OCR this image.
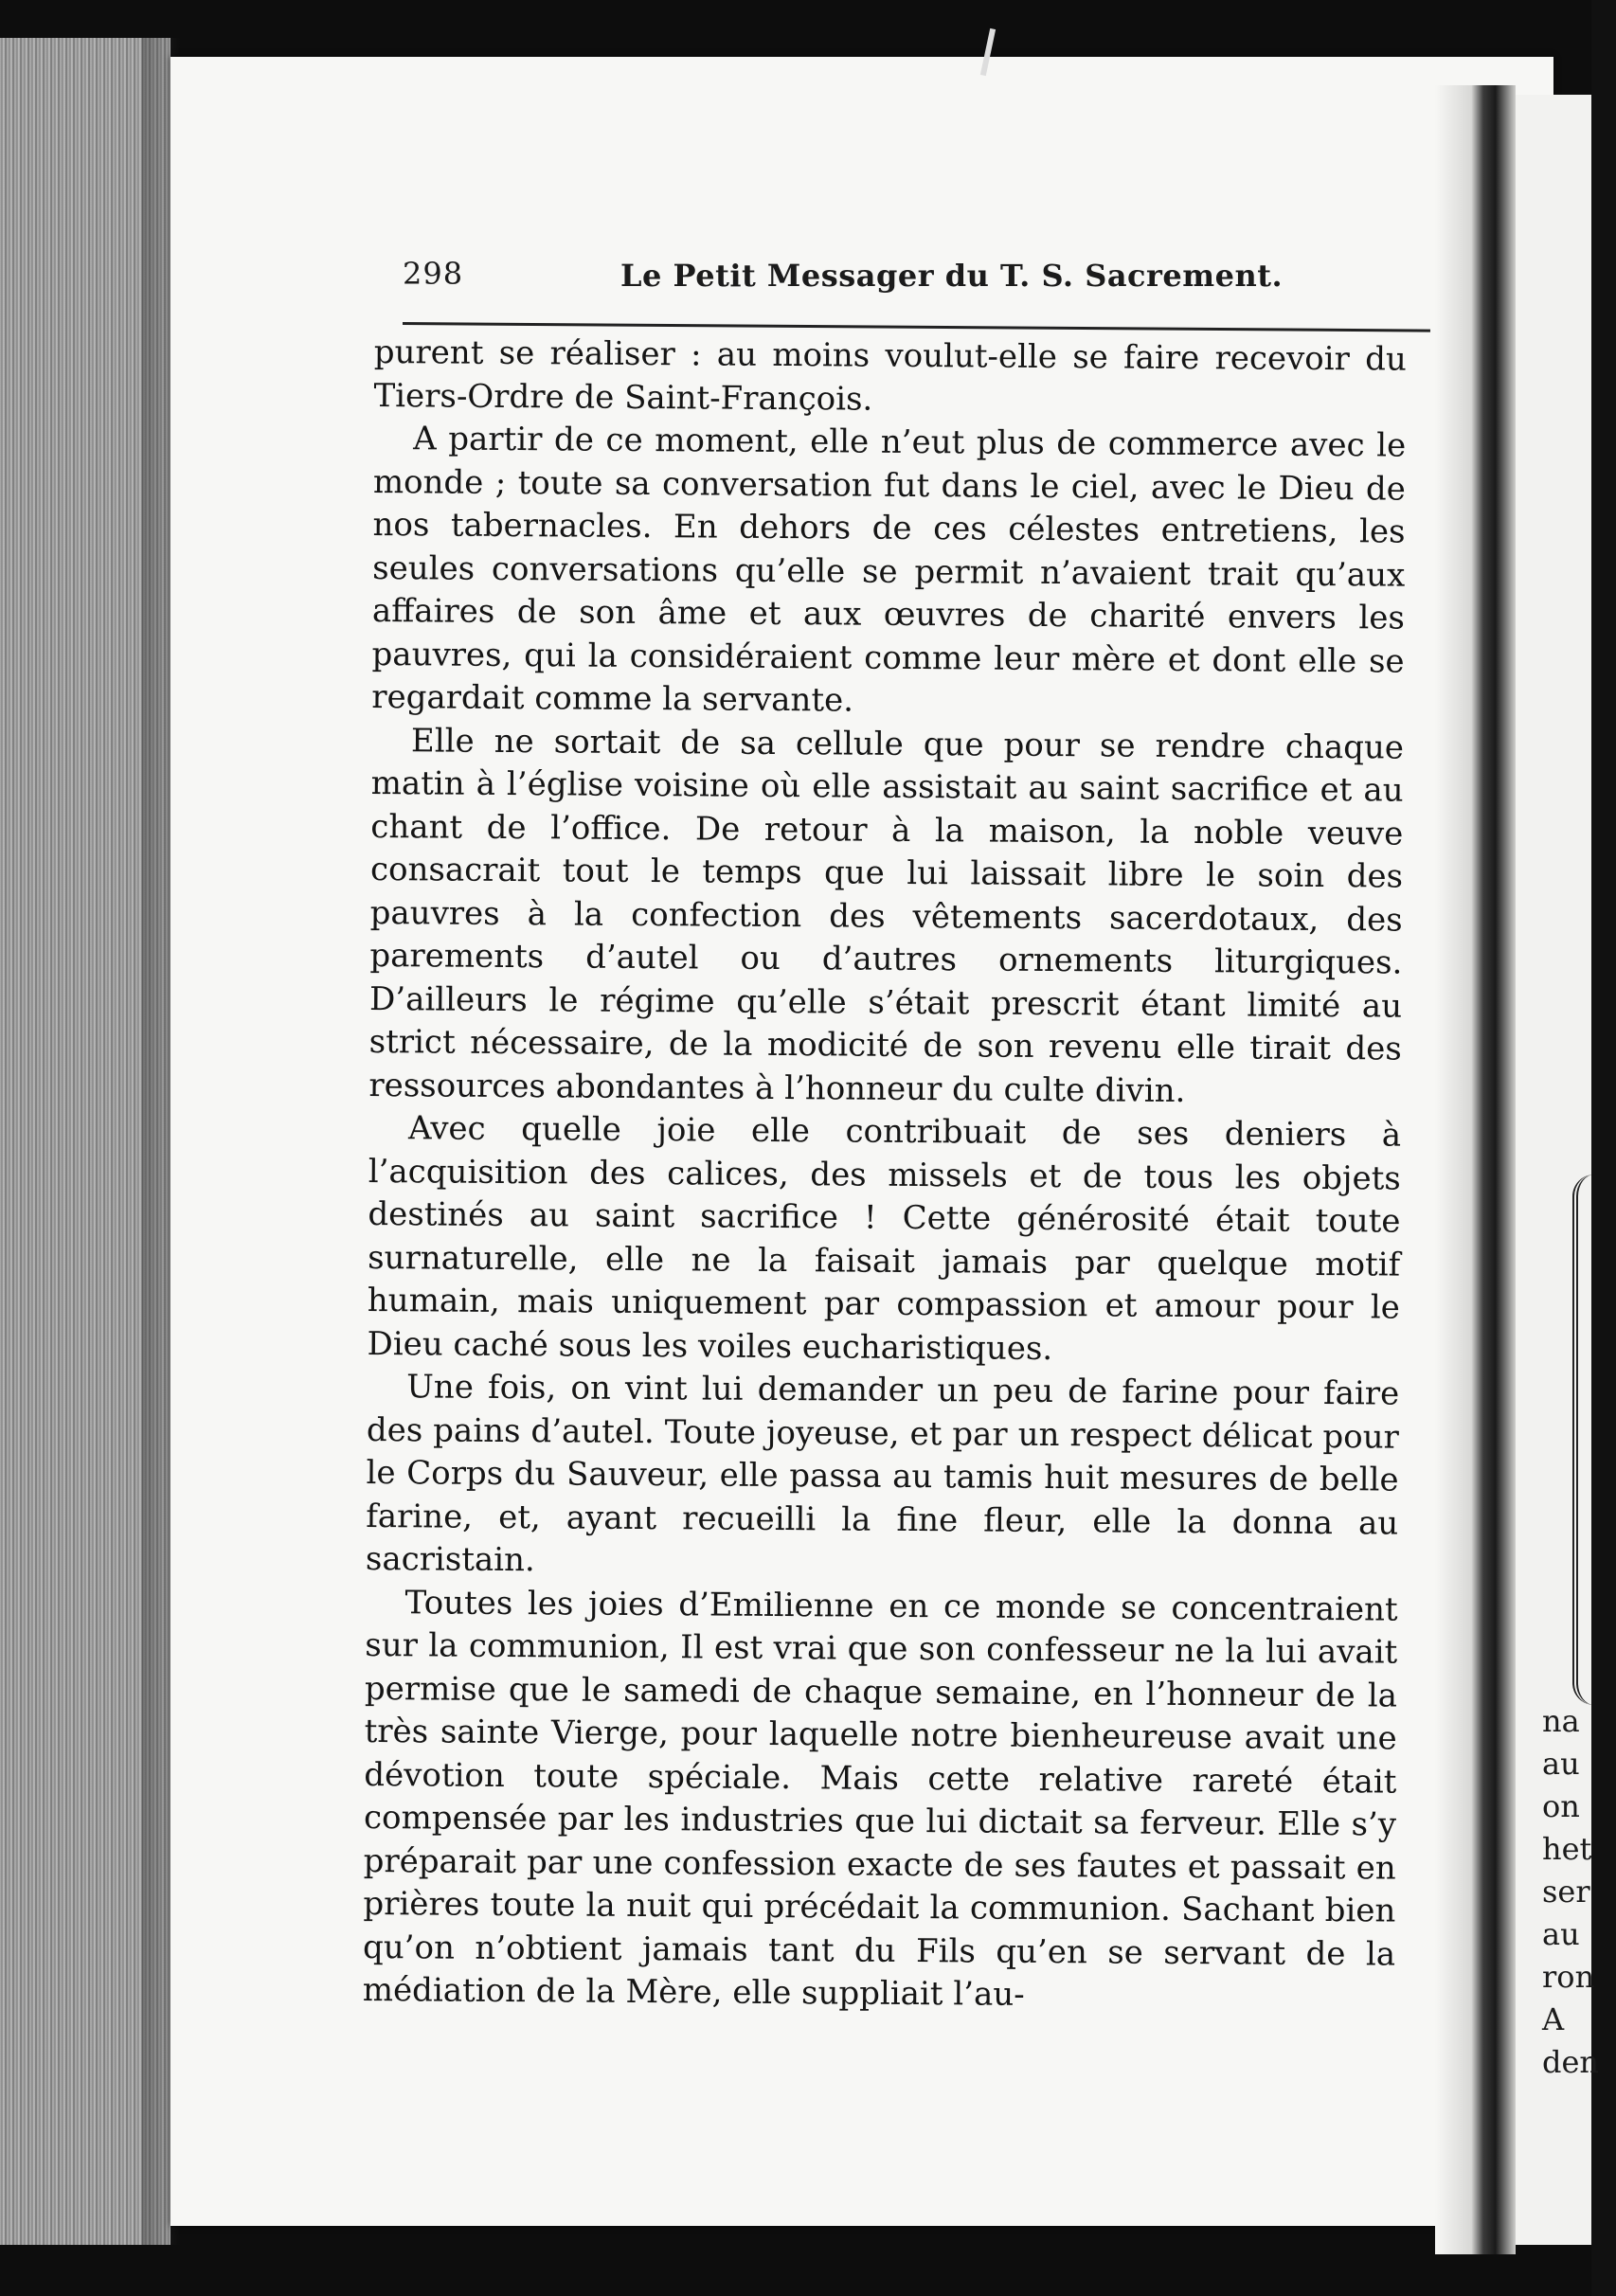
298	Le Petit Messager du T. S. Sacrement.

purent se réaliser : au moins voulut-elle se faire recevoir du Tiers-Ordre de Saint-François.

A partir de ce moment, elle n’eut plus de commerce avec le monde ; toute sa conversation fut dans le ciel, avec le Dieu de nos tabernacles. En dehors de ces célestes entretiens, les seules conversations qu’elle se permit n’avaient trait qu’aux affaires de son âme et aux œuvres de charité envers les pauvres, qui la considéraient comme leur mère et dont elle se regardait comme la servante.

Elle ne sortait de sa cellule que pour se rendre chaque matin à l’église voisine où elle assistait au saint sacrifice et au chant de l’office. De retour à la maison, la noble veuve consacrait tout le temps que lui laissait libre le soin des pauvres à la confection des vêtements sacerdotaux, des parements d’autel ou d’autres ornements liturgiques. D’ailleurs le régime qu’elle s’était prescrit étant limité au strict nécessaire, de la modicité de son revenu elle tirait des ressources abondantes à l’honneur du culte divin.

Avec quelle joie elle contribuait de ses deniers à l’acquisition des calices, des missels et de tous les objets destinés au saint sacrifice ! Cette générosité était toute surnaturelle, elle ne la faisait jamais par quelque motif humain, mais uniquement par compassion et amour pour le Dieu caché sous les voiles eucharistiques.

Une fois, on vint lui demander un peu de farine pour faire des pains d’autel. Toute joyeuse, et par un respect délicat pour le Corps du Sauveur, elle passa au tamis huit mesures de belle farine, et, ayant recueilli la fine fleur, elle la donna au sacristain.

Toutes les joies d’Emilienne en ce monde se concentraient sur la communion, Il est vrai que son confesseur ne la lui avait permise que le samedi de chaque semaine, en l’honneur de la très sainte Vierge, pour laquelle notre bienheureuse avait une dévotion toute spéciale. Mais cette relative rareté était compensée par les industries que lui dictait sa ferveur. Elle s’y préparait par une confession exacte de ses fautes et passait en prières toute la nuit qui précédait la communion. Sachant bien qu’on n’obtient jamais tant du Fils qu’en se servant de la médiation de la Mère, elle suppliait l’au-

na
au
on
het
ser
au
ron
A
den
